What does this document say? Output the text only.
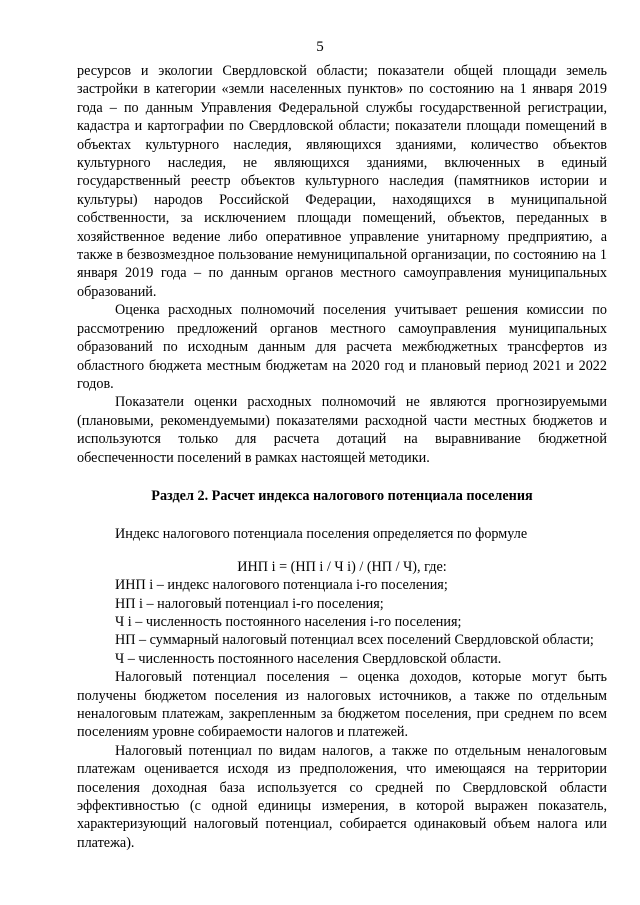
5

ресурсов и экологии Свердловской области; показатели общей площади земель застройки в категории «земли населенных пунктов» по состоянию на 1 января 2019 года – по данным Управления Федеральной службы государственной регистрации, кадастра и картографии по Свердловской области; показатели площади помещений в объектах культурного наследия, являющихся зданиями, количество объектов культурного наследия, не являющихся зданиями, включенных в единый государственный реестр объектов культурного наследия (памятников истории и культуры) народов Российской Федерации, находящихся в муниципальной собственности, за исключением площади помещений, объектов, переданных в хозяйственное ведение либо оперативное управление унитарному предприятию, а также в безвозмездное пользование немуниципальной организации, по состоянию на 1 января 2019 года – по данным органов местного самоуправления муниципальных образований.

Оценка расходных полномочий поселения учитывает решения комиссии по рассмотрению предложений органов местного самоуправления муниципальных образований по исходным данным для расчета межбюджетных трансфертов из областного бюджета местным бюджетам на 2020 год и плановый период 2021 и 2022 годов.

Показатели оценки расходных полномочий не являются прогнозируемыми (плановыми, рекомендуемыми) показателями расходной части местных бюджетов и используются только для расчета дотаций на выравнивание бюджетной обеспеченности поселений в рамках настоящей методики.

Раздел 2. Расчет индекса налогового потенциала поселения

Индекс налогового потенциала поселения определяется по формуле

ИНП i = (НП i / Ч i) / (НП / Ч), где:

ИНП i – индекс налогового потенциала i-го поселения;

НП i – налоговый потенциал i-го поселения;

Ч i – численность постоянного населения i-го поселения;

НП – суммарный налоговый потенциал всех поселений Свердловской области;

Ч – численность постоянного населения Свердловской области.

Налоговый потенциал поселения – оценка доходов, которые могут быть получены бюджетом поселения из налоговых источников, а также по отдельным неналоговым платежам, закрепленным за бюджетом поселения, при среднем по всем поселениям уровне собираемости налогов и платежей.

Налоговый потенциал по видам налогов, а также по отдельным неналоговым платежам оценивается исходя из предположения, что имеющаяся на территории поселения доходная база используется со средней по Свердловской области эффективностью (с одной единицы измерения, в которой выражен показатель, характеризующий налоговый потенциал, собирается одинаковый объем налога или платежа).
